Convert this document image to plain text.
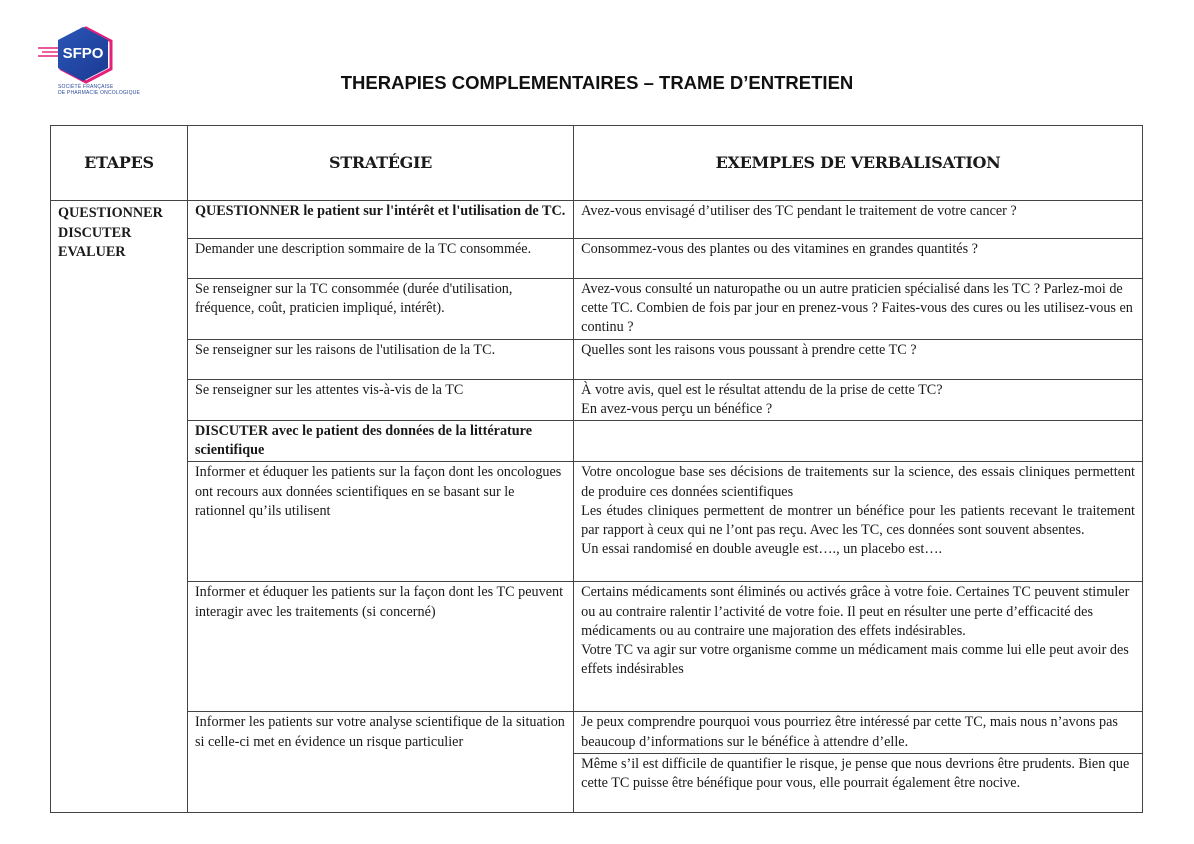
SFPO
SOCIÉTÉ FRANÇAISE
DE PHARMACIE ONCOLOGIQUE	THERAPIES COMPLEMENTAIRES – TRAME D’ENTRETIEN
ETAPES	STRATÉGIE	EXEMPLES DE VERBALISATION

QUESTIONNER
DISCUTER
EVALUER	QUESTIONNER le patient sur l'intérêt et l'utilisation de TC.	Avez-vous envisagé d’utiliser des TC pendant le traitement de votre cancer ?
	Demander une description sommaire de la TC consommée.	Consommez-vous des plantes ou des vitamines en grandes quantités ?
	Se renseigner sur la TC consommée (durée d'utilisation, fréquence, coût, praticien impliqué, intérêt).	Avez-vous consulté un naturopathe ou un autre praticien spécialisé dans les TC ? Parlez-moi de cette TC. Combien de fois par jour en prenez-vous ? Faites-vous des cures ou les utilisez-vous en continu ?
	Se renseigner sur les raisons de l'utilisation de la TC.	Quelles sont les raisons vous poussant à prendre cette TC ?
	Se renseigner sur les attentes vis-à-vis de la TC	À votre avis, quel est le résultat attendu de la prise de cette TC?
En avez-vous perçu un bénéfice ?

	DISCUTER avec le patient des données de la littérature scientifique	
	Informer et éduquer les patients sur la façon dont les oncologues ont recours aux données scientifiques en se basant sur le rationnel qu’ils utilisent	Votre oncologue base ses décisions de traitements sur la science, des essais cliniques permettent de produire ces données scientifiques
Les études cliniques permettent de montrer un bénéfice pour les patients recevant le traitement par rapport à ceux qui ne l’ont pas reçu. Avec les TC, ces données sont souvent absentes.
Un essai randomisé en double aveugle est…., un placebo est….

	Informer et éduquer les patients sur la façon dont les TC peuvent interagir avec les traitements (si concerné)	Certains médicaments sont éliminés ou activés grâce à votre foie. Certaines TC peuvent stimuler ou au contraire ralentir l’activité de votre foie. Il peut en résulter une perte d’efficacité des médicaments ou au contraire une majoration des effets indésirables.
Votre TC va agir sur votre organisme comme un médicament mais comme lui elle peut avoir des effets indésirables

	Informer les patients sur votre analyse scientifique de la situation si celle-ci met en évidence un risque particulier	Je peux comprendre pourquoi vous pourriez être intéressé par cette TC, mais nous n’avons pas beaucoup d’informations sur le bénéfice à attendre d’elle.
		Même s’il est difficile de quantifier le risque, je pense que nous devrions être prudents. Bien que cette TC puisse être bénéfique pour vous, elle pourrait également être nocive.
